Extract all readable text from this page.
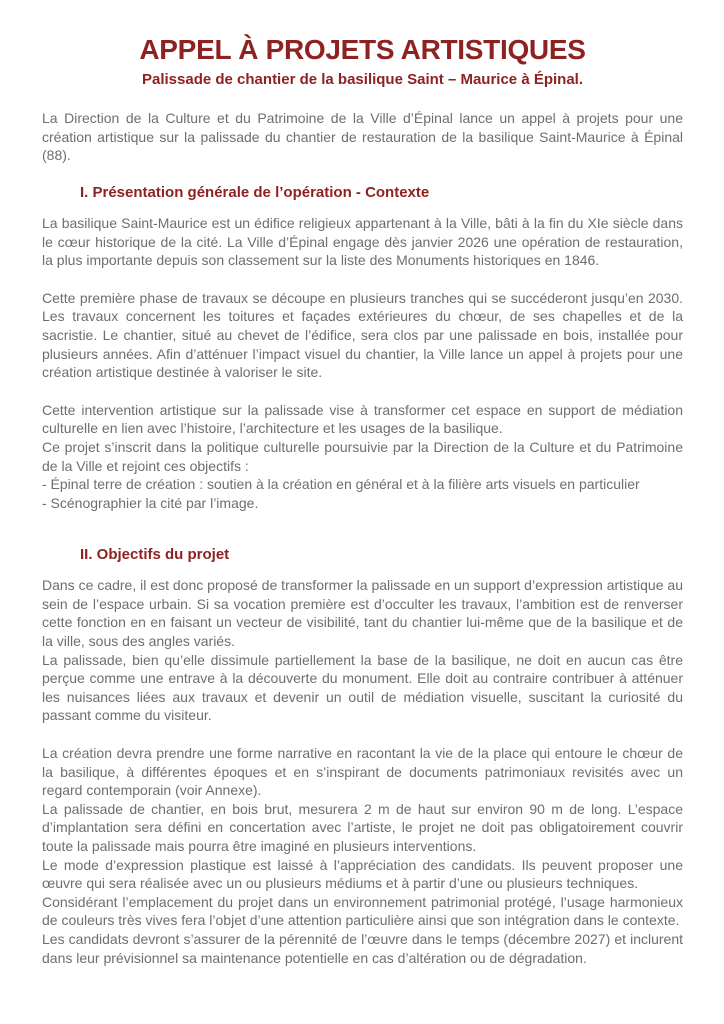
APPEL À PROJETS ARTISTIQUES
Palissade de chantier de la basilique Saint – Maurice à Épinal.

La Direction de la Culture et du Patrimoine de la Ville d’Épinal lance un appel à projets pour une création artistique sur la palissade du chantier de restauration de la basilique Saint-Maurice à Épinal (88).

I. Présentation générale de l’opération - Contexte

La basilique Saint-Maurice est un édifice religieux appartenant à la Ville, bâti à la fin du XIe siècle dans le cœur historique de la cité. La Ville d’Épinal engage dès janvier 2026 une opération de restauration, la plus importante depuis son classement sur la liste des Monuments historiques en 1846.

Cette première phase de travaux se découpe en plusieurs tranches qui se succéderont jusqu’en 2030. Les travaux concernent les toitures et façades extérieures du chœur, de ses chapelles et de la sacristie. Le chantier, situé au chevet de l’édifice, sera clos par une palissade en bois, installée pour plusieurs années. Afin d’atténuer l’impact visuel du chantier, la Ville lance un appel à projets pour une création artistique destinée à valoriser le site.

Cette intervention artistique sur la palissade vise à transformer cet espace en support de médiation culturelle en lien avec l’histoire, l’architecture et les usages de la basilique.

Ce projet s’inscrit dans la politique culturelle poursuivie par la Direction de la Culture et du Patrimoine de la Ville et rejoint ces objectifs :

- Épinal terre de création : soutien à la création en général et à la filière arts visuels en particulier

- Scénographier la cité par l’image.

II. Objectifs du projet

Dans ce cadre, il est donc proposé de transformer la palissade en un support d’expression artistique au sein de l’espace urbain. Si sa vocation première est d’occulter les travaux, l’ambition est de renverser cette fonction en en faisant un vecteur de visibilité, tant du chantier lui-même que de la basilique et de la ville, sous des angles variés.

La palissade, bien qu’elle dissimule partiellement la base de la basilique, ne doit en aucun cas être perçue comme une entrave à la découverte du monument. Elle doit au contraire contribuer à atténuer les nuisances liées aux travaux et devenir un outil de médiation visuelle, suscitant la curiosité du passant comme du visiteur.

La création devra prendre une forme narrative en racontant la vie de la place qui entoure le chœur de la basilique, à différentes époques et en s’inspirant de documents patrimoniaux revisités avec un regard contemporain (voir Annexe).

La palissade de chantier, en bois brut, mesurera 2 m de haut sur environ 90 m de long. L’espace d’implantation sera défini en concertation avec l’artiste, le projet ne doit pas obligatoirement couvrir toute la palissade mais pourra être imaginé en plusieurs interventions.

Le mode d’expression plastique est laissé à l’appréciation des candidats. Ils peuvent proposer une œuvre qui sera réalisée avec un ou plusieurs médiums et à partir d’une ou plusieurs techniques.

Considérant l’emplacement du projet dans un environnement patrimonial protégé, l’usage harmonieux de couleurs très vives fera l’objet d’une attention particulière ainsi que son intégration dans le contexte.

Les candidats devront s’assurer de la pérennité de l’œuvre dans le temps (décembre 2027) et inclurent dans leur prévisionnel sa maintenance potentielle en cas d’altération ou de dégradation.
